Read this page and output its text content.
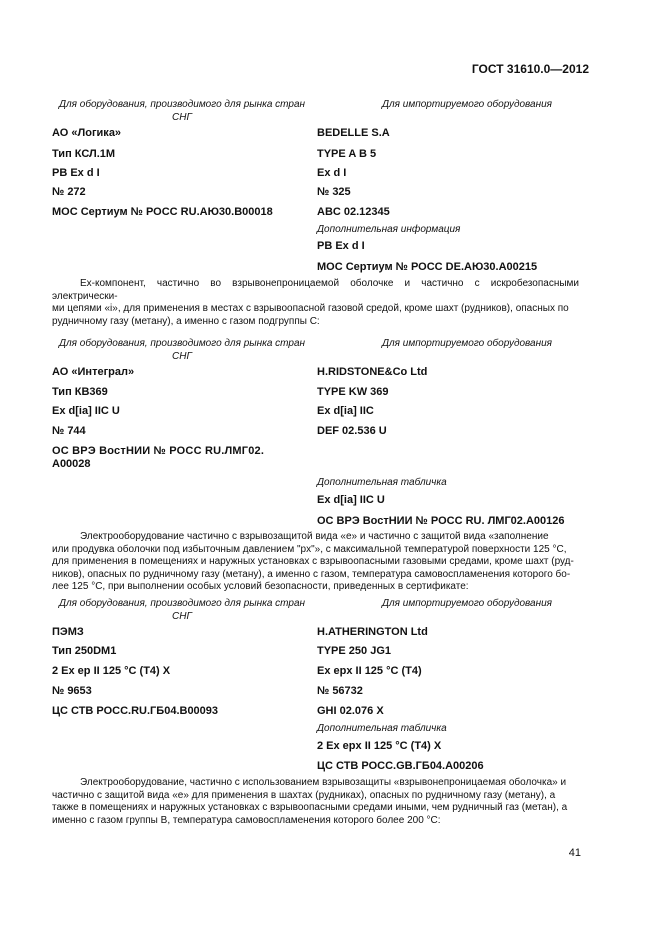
ГОСТ 31610.0—2012
Для оборудования, производимого для рынка стран СНГ
Для импортируемого оборудования
АО «Логика»
Тип КСЛ.1М
РВ Ex d I
№ 272
МОС Сертиум № РОСС RU.АЮ30.В00018
BEDELLE S.A
TYPE A B 5
Ex d I
№ 325
ABC 02.12345
Дополнительная информация
РВ Ex d I
МОС Сертиум № РОСС DE.АЮ30.А00215

Ex-компонент, частично во взрывонепроницаемой оболочке и частично с искробезопасными электрически-

ми цепями «i», для применения в местах с взрывоопасной газовой средой, кроме шахт (рудников), опасных по

рудничному газу (метану), а именно с газом подгруппы С:

Для оборудования, производимого для рынка стран СНГ
Для импортируемого оборудования
АО «Интеграл»
Тип КВ369
Ex d[ia] IIC U
№ 744
ОС ВРЭ ВостНИИ № РОСС RU.ЛМГ02.
А00028
H.RIDSTONE&Co Ltd
TYPE KW 369
Ex d[ia] IIC
DEF 02.536 U
Дополнительная табличка
Ex d[ia] IIC U
ОС ВРЭ ВостНИИ № РОСС RU. ЛМГ02.А00126

Электрооборудование частично с взрывозащитой вида «е» и частично с защитой вида «заполнение

или продувка оболочки под избыточным давлением "px"», с максимальной температурой поверхности 125 °С,

для применения в помещениях и наружных установках с взрывоопасными газовыми средами, кроме шахт (руд-

ников), опасных по рудничному газу (метану), а именно с газом, температура самовоспламенения которого бо-

лее 125 °С, при выполнении особых условий безопасности, приведенных в сертификате:

Для оборудования, производимого для рынка стран СНГ
Для импортируемого оборудования
ПЭМЗ
Тип 250DM1
2 Ex ep II 125 °C (T4) X
№ 9653
ЦС СТВ РОСС.RU.ГБ04.В00093
H.ATHERINGTON Ltd
TYPE 250 JG1
Ex epx II 125 °C (T4)
№ 56732
GHI 02.076 X
Дополнительная табличка
2 Ex epx II 125 °C (T4) X
ЦС СТВ РОСС.GB.ГБ04.А00206

Электрооборудование, частично с использованием взрывозащиты «взрывонепроницаемая оболочка» и

частично с защитой вида «е» для применения в шахтах (рудниках), опасных по рудничному газу (метану), а

также в помещениях и наружных установках с взрывоопасными средами иными, чем рудничный газ (метан), а

именно с газом группы В, температура самовоспламенения которого более 200 °С:

41
